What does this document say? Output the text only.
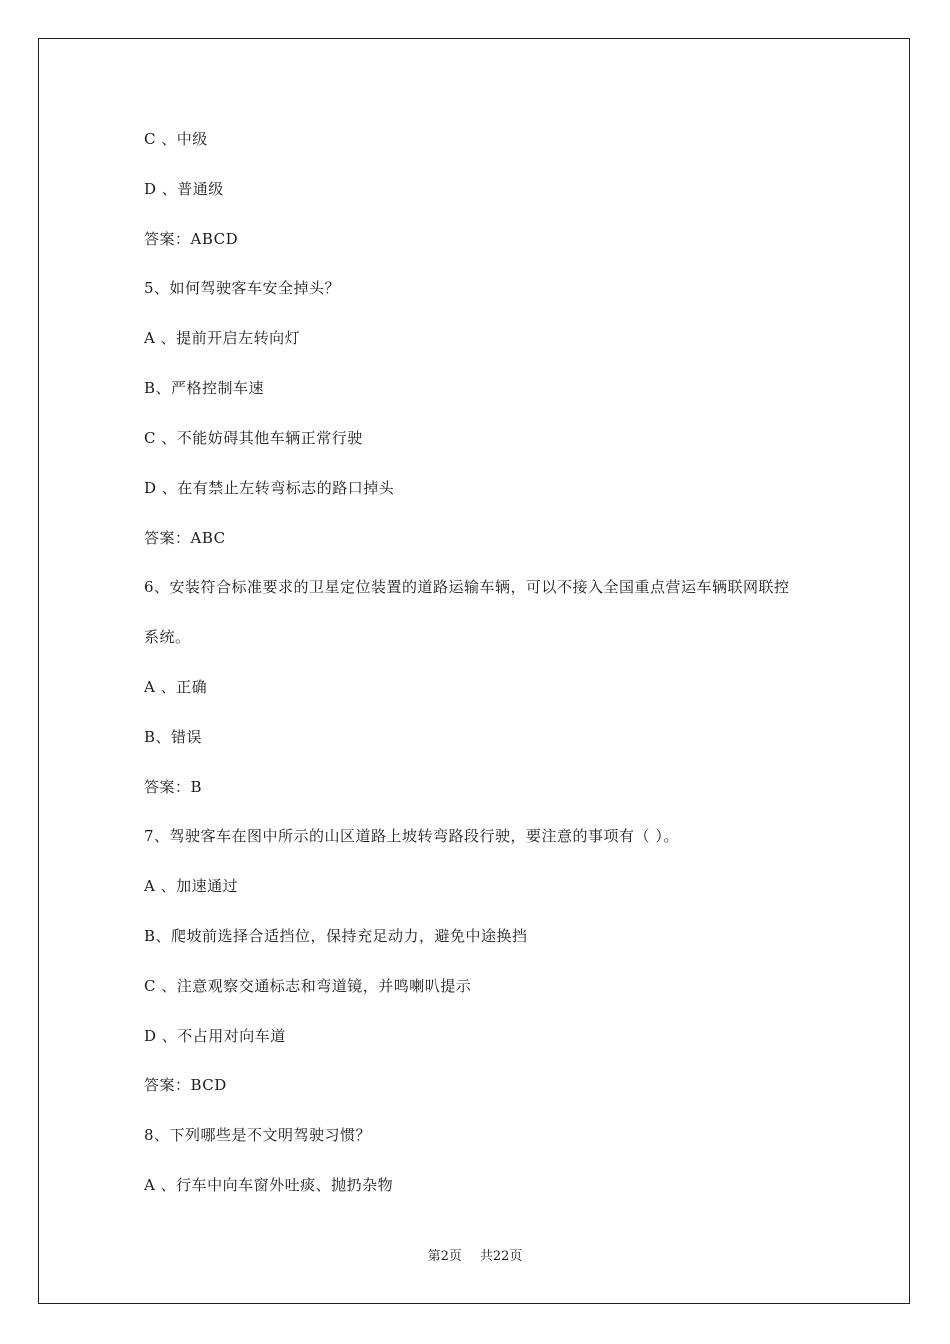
C 、中级
D 、普通级
答案：ABCD
5、如何驾驶客车安全掉头？
A 、提前开启左转向灯
B、严格控制车速
C 、不能妨碍其他车辆正常行驶
D 、在有禁止左转弯标志的路口掉头
答案：ABC
6、安装符合标准要求的卫星定位装置的道路运输车辆，可以不接入全国重点营运车辆联网联控
系统。
A 、正确
B、错误
答案：B
7、驾驶客车在图中所示的山区道路上坡转弯路段行驶，要注意的事项有（ ）。
A 、加速通过
B、爬坡前选择合适挡位，保持充足动力，避免中途换挡
C 、注意观察交通标志和弯道镜，并鸣喇叭提示
D 、不占用对向车道
答案：BCD
8、下列哪些是不文明驾驶习惯？
A 、行车中向车窗外吐痰、抛扔杂物
第2页 共22页
